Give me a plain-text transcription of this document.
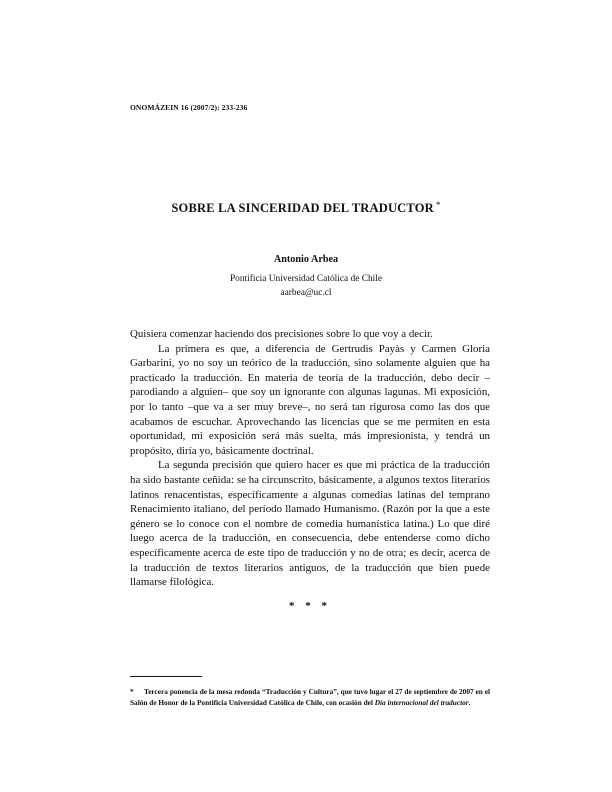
ONOMÁZEIN 16 (2007/2): 233-236
SOBRE LA SINCERIDAD DEL TRADUCTOR *
Antonio Arbea
Pontificia Universidad Católica de Chile
aarbea@uc.cl

Quisiera comenzar haciendo dos precisiones sobre lo que voy a decir.

La primera es que, a diferencia de Gertrudis Payàs y Carmen Gloria Garbarini, yo no soy un teórico de la traducción, sino solamente alguien que ha practicado la traducción. En materia de teoría de la traducción, debo decir –parodiando a alguien– que soy un ignorante con algunas lagunas. Mi exposición, por lo tanto –que va a ser muy breve–, no será tan rigurosa como las dos que acabamos de escuchar. Aprovechando las licencias que se me permiten en esta oportunidad, mi exposición será más suelta, más impresionista, y tendrá un propósito, diría yo, básicamente doctrinal.

La segunda precisión que quiero hacer es que mi práctica de la traducción ha sido bastante ceñida: se ha circunscrito, básicamente, a algunos textos literarios latinos renacentistas, específicamente a algunas comedias latinas del temprano Renacimiento italiano, del período llamado Humanismo. (Razón por la que a este género se lo conoce con el nombre de comedia humanística latina.) Lo que diré luego acerca de la traducción, en consecuencia, debe entenderse como dicho específicamente acerca de este tipo de traducción y no de otra; es decir, acerca de la traducción de textos literarios antiguos, de la traducción que bien puede llamarse filológica.

* * *
* Tercera ponencia de la mesa redonda “Traducción y Cultura”, que tuvo lugar el 27 de septiembre de 2007 en el Salón de Honor de la Pontificia Universidad Católica de Chile, con ocasión del Día internacional del traductor.
